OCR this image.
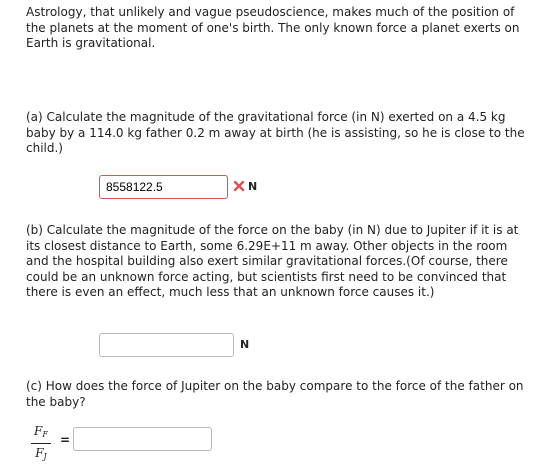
Astrology, that unlikely and vague pseudoscience, makes much of the position of the planets at the moment of one's birth. The only known force a planet exerts on Earth is gravitational.

(a) Calculate the magnitude of the gravitational force (in N) exerted on a 4.5 kg baby by a 114.0 kg father 0.2 m away at birth (he is assisting, so he is close to the child.)

8558122.5
N

(b) Calculate the magnitude of the force on the baby (in N) due to Jupiter if it is at its closest distance to Earth, some 6.29E+11 m away. Other objects in the room and the hospital building also exert similar gravitational forces.(Of course, there could be an unknown force acting, but scientists first need to be convinced that there is even an effect, much less that an unknown force causes it.)

N

(c) How does the force of Jupiter on the baby compare to the force of the father on the baby?

$F_F$
$F_J$
=
